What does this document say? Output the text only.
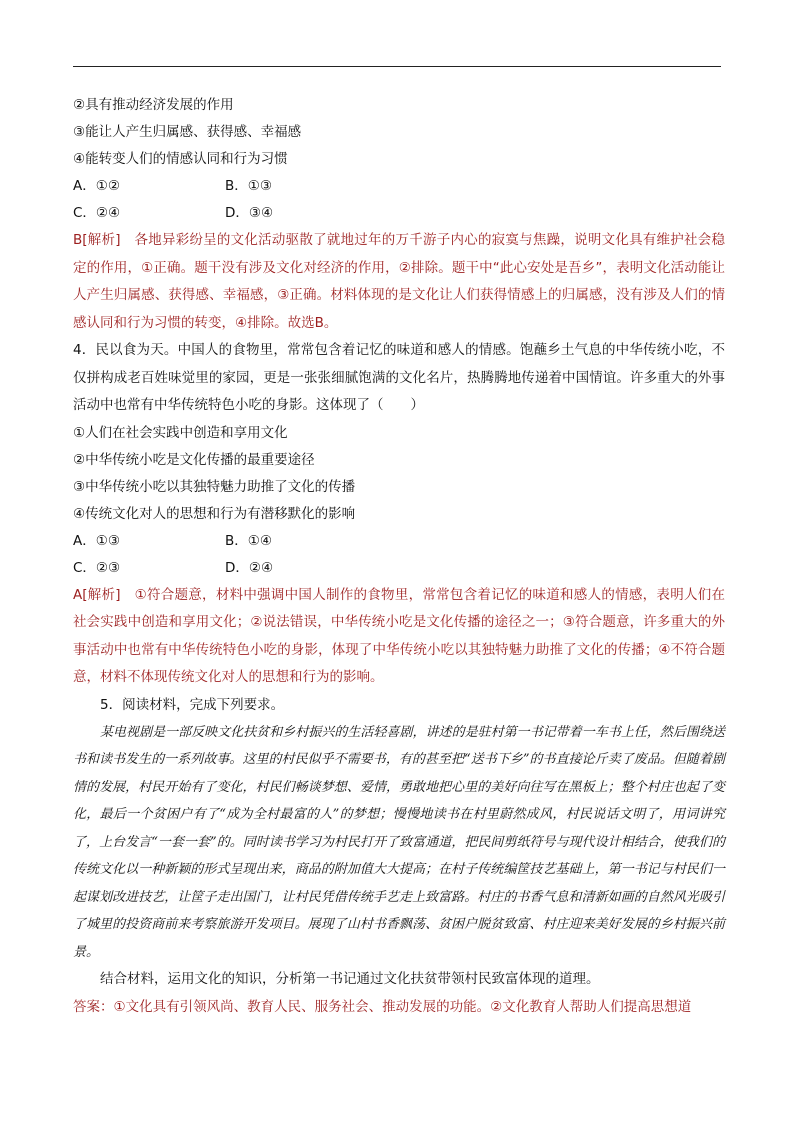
②具有推动经济发展的作用
③能让人产生归属感、获得感、幸福感
④能转变人们的情感认同和行为习惯
A．①②	B．①③
C．②④	D．③④
B[解析]　各地异彩纷呈的文化活动驱散了就地过年的万千游子内心的寂寞与焦躁，说明文化具有维护社会稳定的作用，①正确。题干没有涉及文化对经济的作用，②排除。题干中“此心安处是吾乡”，表明文化活动能让人产生归属感、获得感、幸福感，③正确。材料体现的是文化让人们获得情感上的归属感，没有涉及人们的情感认同和行为习惯的转变，④排除。故选B。
4．民以食为天。中国人的食物里，常常包含着记忆的味道和感人的情感。饱蘸乡土气息的中华传统小吃，不仅拼构成老百姓味觉里的家园，更是一张张细腻饱满的文化名片，热腾腾地传递着中国情谊。许多重大的外事活动中也常有中华传统特色小吃的身影。这体现了（　　）
①人们在社会实践中创造和享用文化
②中华传统小吃是文化传播的最重要途径
③中华传统小吃以其独特魅力助推了文化的传播
④传统文化对人的思想和行为有潜移默化的影响
A．①③	B．①④
C．②③	D．②④
A[解析]　①符合题意，材料中强调中国人制作的食物里，常常包含着记忆的味道和感人的情感，表明人们在社会实践中创造和享用文化；②说法错误，中华传统小吃是文化传播的途径之一；③符合题意，许多重大的外事活动中也常有中华传统特色小吃的身影，体现了中华传统小吃以其独特魅力助推了文化的传播；④不符合题意，材料不体现传统文化对人的思想和行为的影响。
5．阅读材料，完成下列要求。
某电视剧是一部反映文化扶贫和乡村振兴的生活轻喜剧，讲述的是驻村第一书记带着一车书上任，然后围绕送书和读书发生的一系列故事。这里的村民似乎不需要书，有的甚至把“送书下乡”的书直接论斤卖了废品。但随着剧情的发展，村民开始有了变化，村民们畅谈梦想、爱情，勇敢地把心里的美好向往写在黑板上；整个村庄也起了变化，最后一个贫困户有了“成为全村最富的人”的梦想；慢慢地读书在村里蔚然成风，村民说话文明了，用词讲究了，上台发言“一套一套”的。同时读书学习为村民打开了致富通道，把民间剪纸符号与现代设计相结合，使我们的传统文化以一种新颖的形式呈现出来，商品的附加值大大提高；在村子传统编筐技艺基础上，第一书记与村民们一起谋划改进技艺，让筐子走出国门，让村民凭借传统手艺走上致富路。村庄的书香气息和清新如画的自然风光吸引了城里的投资商前来考察旅游开发项目。展现了山村书香飘荡、贫困户脱贫致富、村庄迎来美好发展的乡村振兴前景。
结合材料，运用文化的知识，分析第一书记通过文化扶贫带领村民致富体现的道理。
答案：①文化具有引领风尚、教育人民、服务社会、推动发展的功能。②文化教育人帮助人们提高思想道
